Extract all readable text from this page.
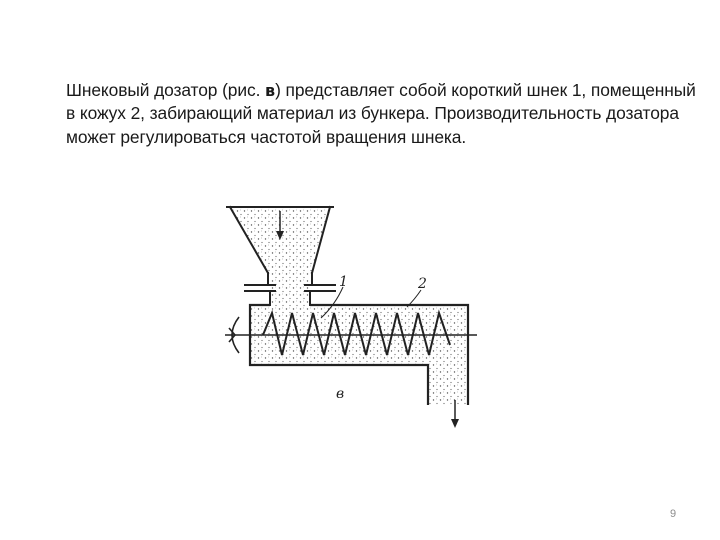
Шнековый дозатор (рис. в) представляет собой короткий шнек 1, помещенный в кожух 2, забирающий материал из бункера. Производительность дозатора может регулироваться частотой вращения шнека.
1	2
в
9
